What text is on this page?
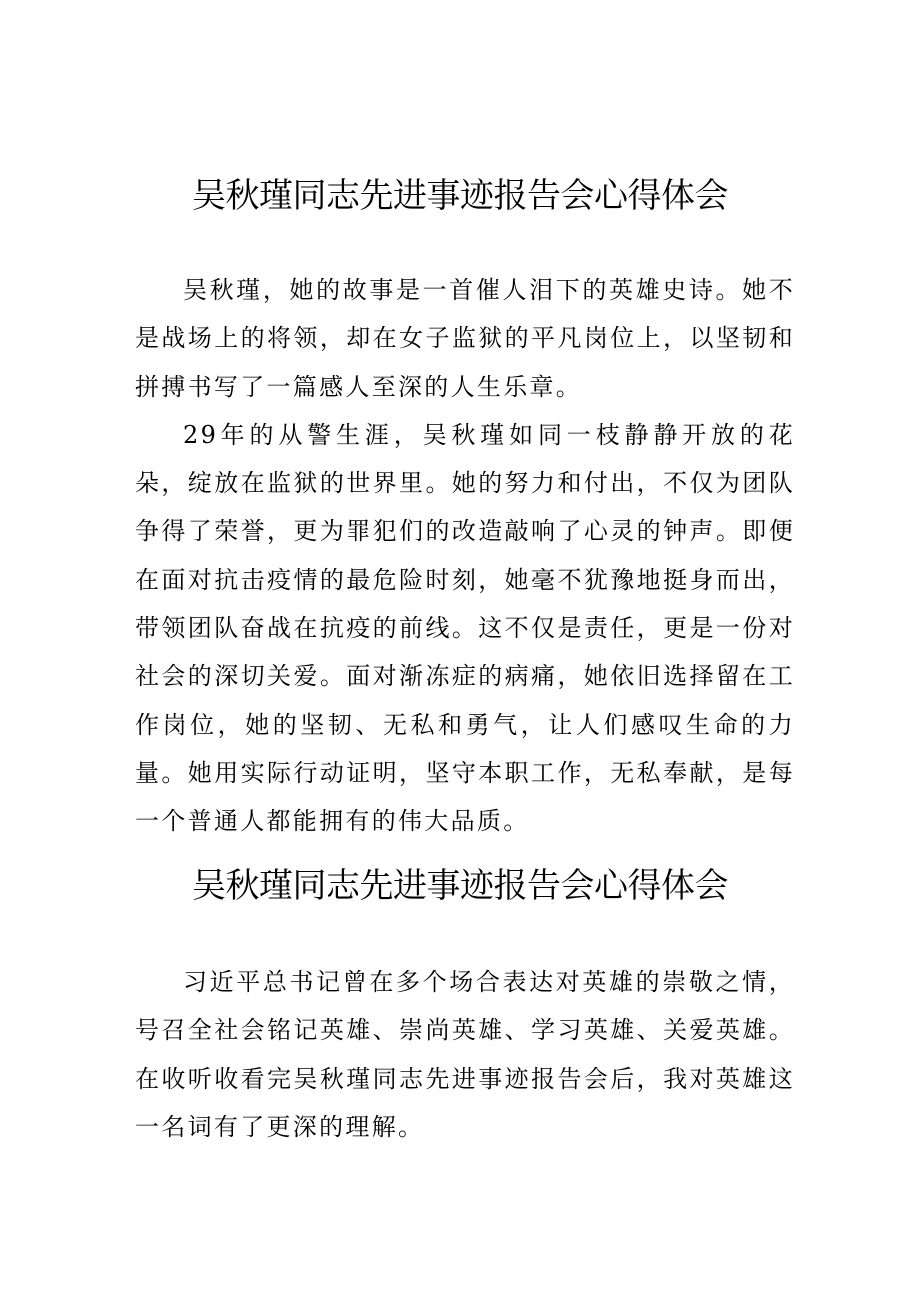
吴秋瑾同志先进事迹报告会心得体会

吴秋瑾，她的故事是一首催人泪下的英雄史诗。她不是战场上的将领，却在女子监狱的平凡岗位上，以坚韧和拼搏书写了一篇感人至深的人生乐章。

29年的从警生涯，吴秋瑾如同一枝静静开放的花朵，绽放在监狱的世界里。她的努力和付出，不仅为团队争得了荣誉，更为罪犯们的改造敲响了心灵的钟声。即便在面对抗击疫情的最危险时刻，她毫不犹豫地挺身而出，带领团队奋战在抗疫的前线。这不仅是责任，更是一份对社会的深切关爱。面对渐冻症的病痛，她依旧选择留在工作岗位，她的坚韧、无私和勇气，让人们感叹生命的力量。她用实际行动证明，坚守本职工作，无私奉献，是每一个普通人都能拥有的伟大品质。

吴秋瑾同志先进事迹报告会心得体会

习近平总书记曾在多个场合表达对英雄的崇敬之情，号召全社会铭记英雄、崇尚英雄、学习英雄、关爱英雄。在收听收看完吴秋瑾同志先进事迹报告会后，我对英雄这一名词有了更深的理解。
